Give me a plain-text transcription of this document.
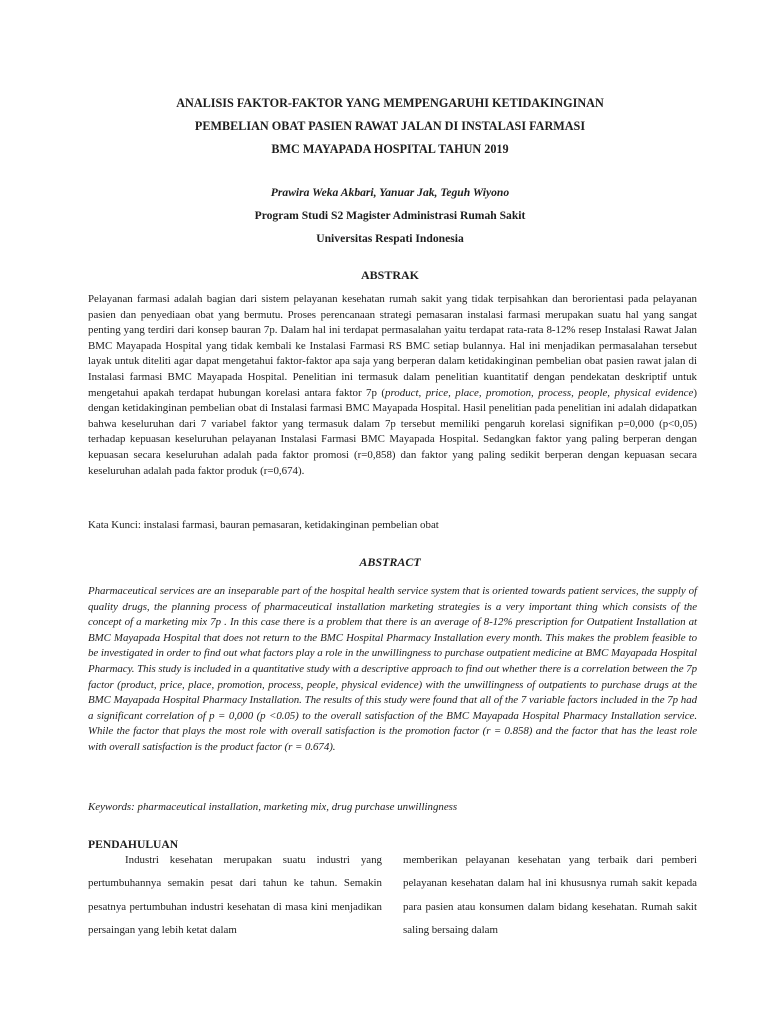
ANALISIS FAKTOR-FAKTOR YANG MEMPENGARUHI KETIDAKINGINAN
PEMBELIAN OBAT PASIEN RAWAT JALAN DI INSTALASI FARMASI
BMC MAYAPADA HOSPITAL TAHUN 2019
Prawira Weka Akbari, Yanuar Jak, Teguh Wiyono
Program Studi S2 Magister Administrasi Rumah Sakit
Universitas Respati Indonesia
ABSTRAK

Pelayanan farmasi adalah bagian dari sistem pelayanan kesehatan rumah sakit yang tidak terpisahkan dan berorientasi pada pelayanan pasien dan penyediaan obat yang bermutu. Proses perencanaan strategi pemasaran instalasi farmasi merupakan suatu hal yang sangat penting yang terdiri dari konsep bauran 7p. Dalam hal ini terdapat permasalahan yaitu terdapat rata-rata 8-12% resep Instalasi Rawat Jalan BMC Mayapada Hospital yang tidak kembali ke Instalasi Farmasi RS BMC setiap bulannya. Hal ini menjadikan permasalahan tersebut layak untuk diteliti agar dapat mengetahui faktor-faktor apa saja yang berperan dalam ketidakinginan pembelian obat pasien rawat jalan di Instalasi farmasi BMC Mayapada Hospital. Penelitian ini termasuk dalam penelitian kuantitatif dengan pendekatan deskriptif untuk mengetahui apakah terdapat hubungan korelasi antara faktor 7p (product, price, place, promotion, process, people, physical evidence) dengan ketidakinginan pembelian obat di Instalasi farmasi BMC Mayapada Hospital. Hasil penelitian pada penelitian ini adalah didapatkan bahwa keseluruhan dari 7 variabel faktor yang termasuk dalam 7p tersebut memiliki pengaruh korelasi signifikan p=0,000 (p<0,05) terhadap kepuasan keseluruhan pelayanan Instalasi Farmasi BMC Mayapada Hospital. Sedangkan faktor yang paling berperan dengan kepuasan secara keseluruhan adalah pada faktor promosi (r=0,858) dan faktor yang paling sedikit berperan dengan kepuasan secara keseluruhan adalah pada faktor produk (r=0,674).

Kata Kunci: instalasi farmasi, bauran pemasaran, ketidakinginan pembelian obat
ABSTRACT

Pharmaceutical services are an inseparable part of the hospital health service system that is oriented towards patient services, the supply of quality drugs, the planning process of pharmaceutical installation marketing strategies is a very important thing which consists of the concept of a marketing mix 7p . In this case there is a problem that there is an average of 8-12% prescription for Outpatient Installation at BMC Mayapada Hospital that does not return to the BMC Hospital Pharmacy Installation every month. This makes the problem feasible to be investigated in order to find out what factors play a role in the unwillingness to purchase outpatient medicine at BMC Mayapada Hospital Pharmacy. This study is included in a quantitative study with a descriptive approach to find out whether there is a correlation between the 7p factor (product, price, place, promotion, process, people, physical evidence) with the unwillingness of outpatients to purchase drugs at the BMC Mayapada Hospital Pharmacy Installation. The results of this study were found that all of the 7 variable factors included in the 7p had a significant correlation of p = 0,000 (p <0.05) to the overall satisfaction of the BMC Mayapada Hospital Pharmacy Installation service. While the factor that plays the most role with overall satisfaction is the promotion factor (r = 0.858) and the factor that has the least role with overall satisfaction is the product factor (r = 0.674).

Keywords: pharmaceutical installation, marketing mix, drug purchase unwillingness
PENDAHULUAN

Industri kesehatan merupakan suatu industri yang pertumbuhannya semakin pesat dari tahun ke tahun. Semakin pesatnya pertumbuhan industri kesehatan di masa kini menjadikan persaingan yang lebih ketat dalam

memberikan pelayanan kesehatan yang terbaik dari pemberi pelayanan kesehatan dalam hal ini khususnya rumah sakit kepada para pasien atau konsumen dalam bidang kesehatan. Rumah sakit saling bersaing dalam
